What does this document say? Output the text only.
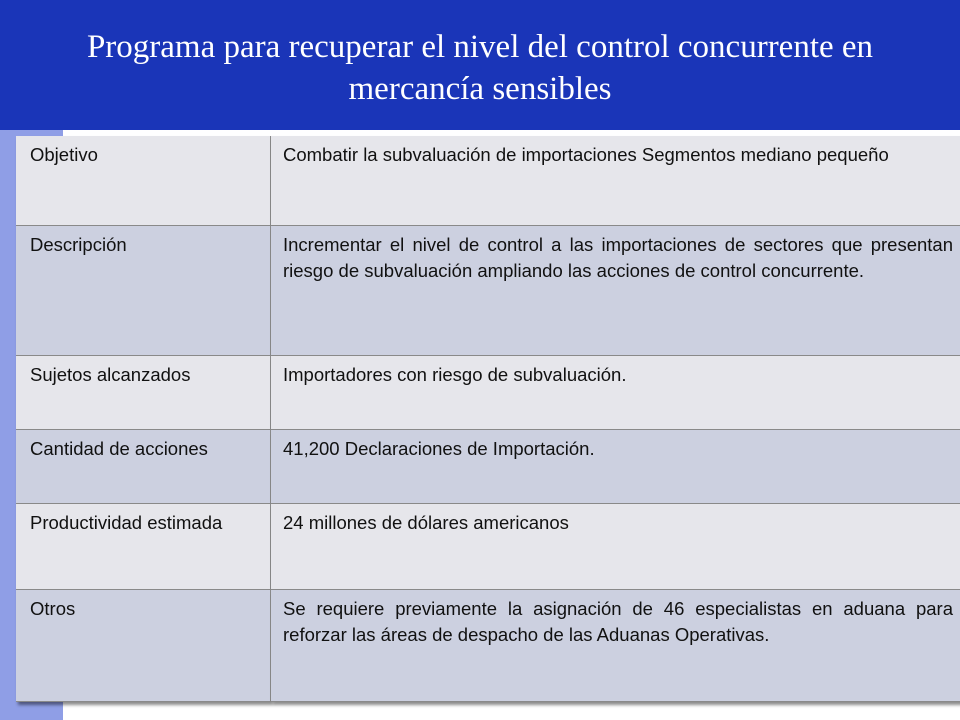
Programa para recuperar el nivel del control concurrente en mercancía sensibles
Objetivo	Combatir la subvaluación de importaciones Segmentos mediano pequeño
Descripción	Incrementar el nivel de control a las importaciones de sectores que presentan riesgo de subvaluación ampliando las acciones de control concurrente.
Sujetos alcanzados	Importadores con riesgo de subvaluación.
Cantidad de acciones	41,200 Declaraciones de Importación.
Productividad estimada	24 millones de dólares americanos
Otros	Se requiere previamente la asignación de 46 especialistas en aduana para reforzar las áreas de despacho de las Aduanas Operativas.
